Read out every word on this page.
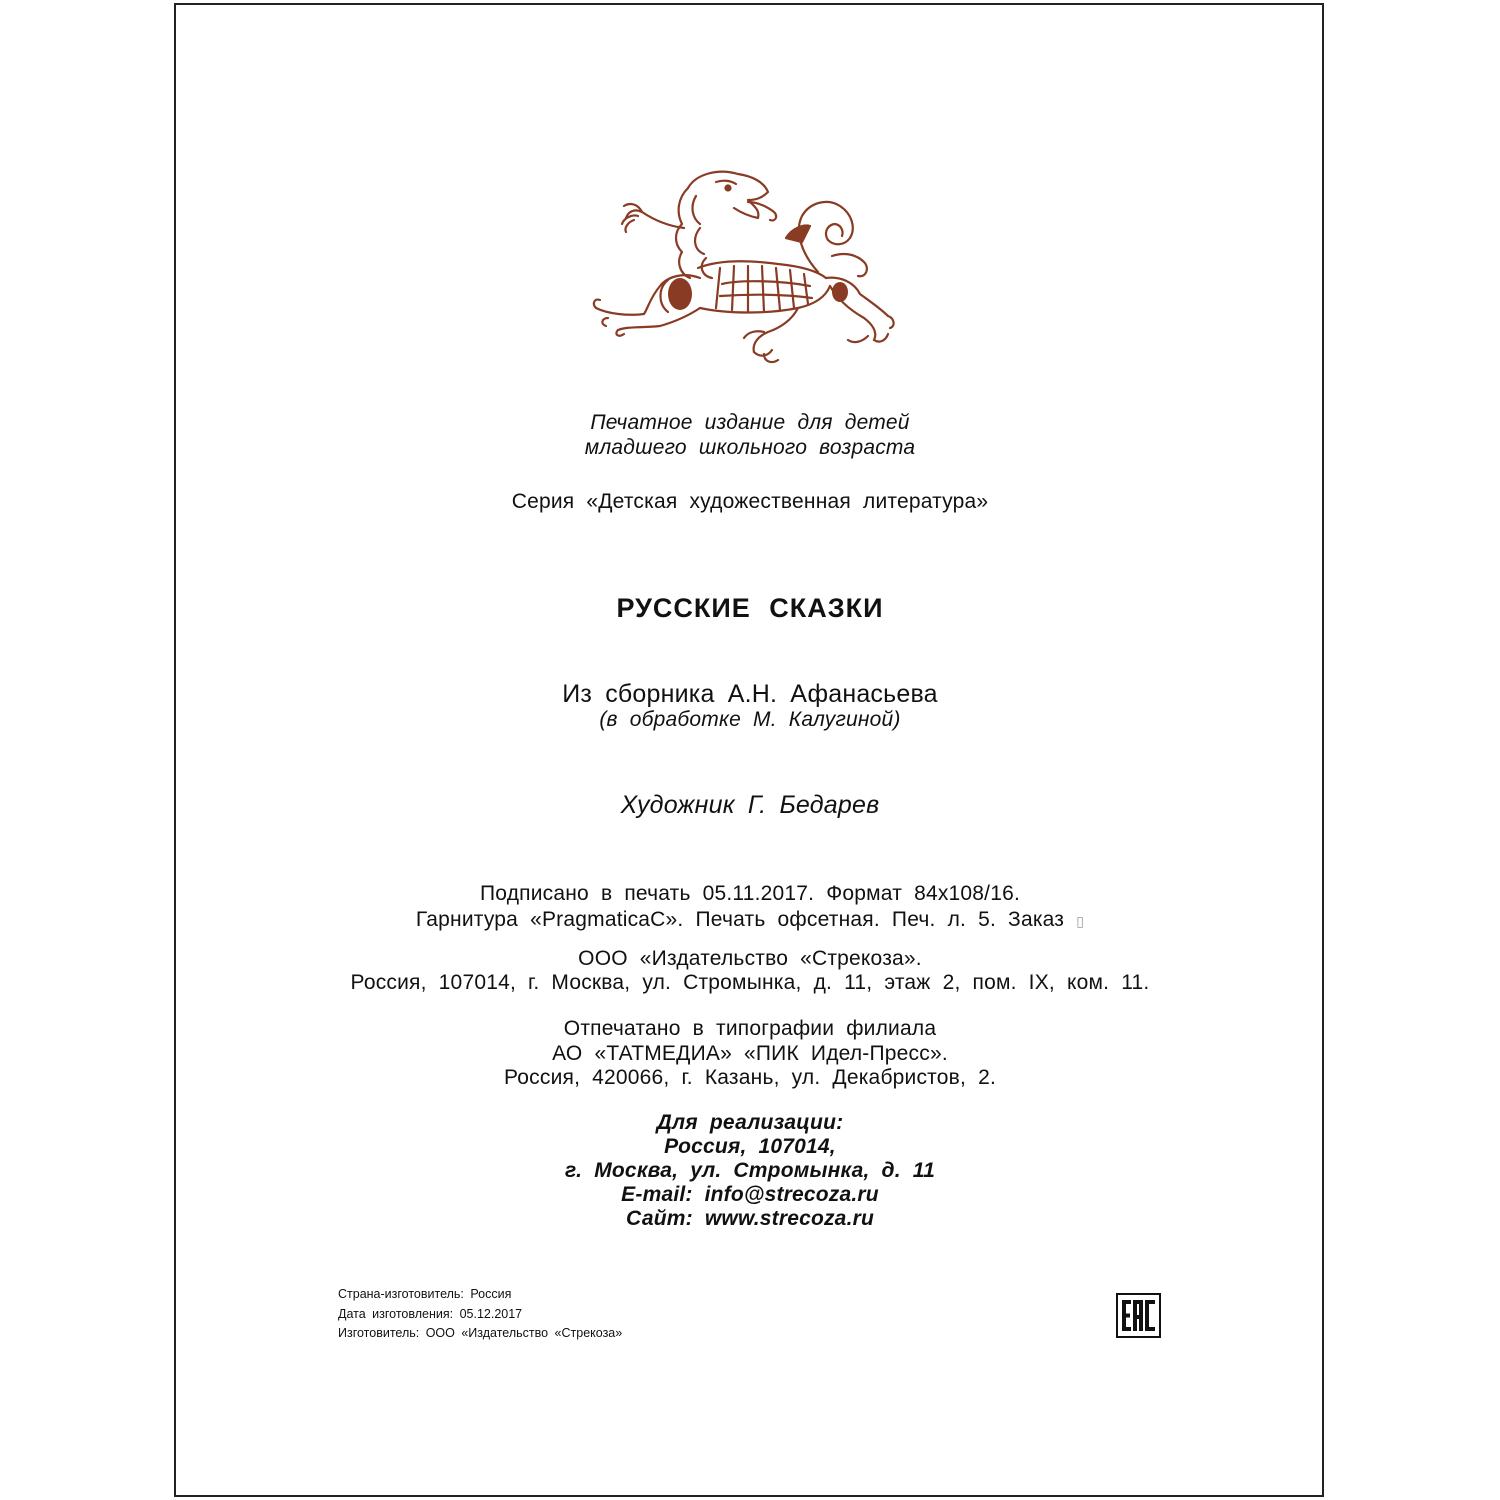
Печатное издание для детей
младшего школьного возраста
Серия «Детская художественная литература»
РУССКИЕ СКАЗКИ
Из сборника А.Н. Афанасьева
(в обработке М. Калугиной)
Художник Г. Бедарев
Подписано в печать 05.11.2017. Формат 84x108/16.
Гарнитура «PragmaticaC». Печать офсетная. Печ. л. 5. Заказ ▯
ООО «Издательство «Стрекоза».
Россия, 107014, г. Москва, ул. Стромынка, д. 11, этаж 2, пом. IX, ком. 11.
Отпечатано в типографии филиала
АО «ТАТМЕДИА» «ПИК Идел-Пресс».
Россия, 420066, г. Казань, ул. Декабристов, 2.
Для реализации:
Россия, 107014,
г. Москва, ул. Стромынка, д. 11
E-mail: info@strecoza.ru
Сайт: www.strecoza.ru
Страна-изготовитель: Россия
Дата изготовления: 05.12.2017
Изготовитель: ООО «Издательство «Стрекоза»
EAC
